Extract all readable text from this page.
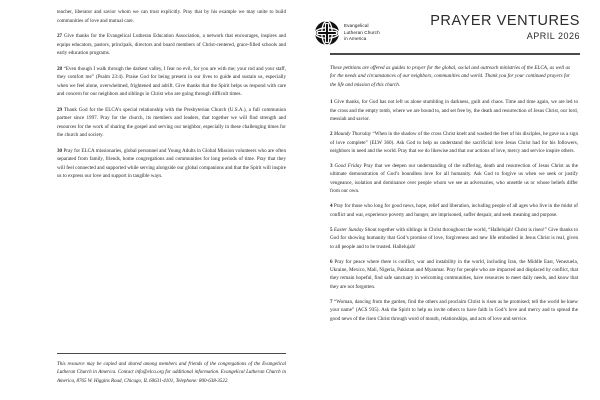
teacher, liberator and savior whom we can trust explicitly. Pray that by his example we may unite to build communities of love and mutual care.
27 Give thanks for the Evangelical Lutheran Education Association, a network that encourages, inspires and equips educators, pastors, principals, directors and board members of Christ-centered, grace-filled schools and early education programs.
28 “Even though I walk through the darkest valley, I fear no evil, for you are with me; your rod and your staff, they comfort me” (Psalm 23:4). Praise God for being present in our lives to guide and sustain us, especially when we feel alone, overwhelmed, frightened and adrift. Give thanks that the Spirit helps us respond with care and concern for our neighbors and siblings in Christ who are going through difficult times.
29 Thank God for the ELCA’s special relationship with the Presbyterian Church (U.S.A.), a full communion partner since 1997. Pray for the church, its members and leaders, that together we will find strength and resources for the work of sharing the gospel and serving our neighbor, especially in these challenging times for the church and society.
30 Pray for ELCA missionaries, global personnel and Young Adults in Global Mission volunteers who are often separated from family, friends, home congregations and communities for long periods of time. Pray that they will feel connected and supported while serving alongside our global companions and that the Spirit will inspire us to express our love and support in tangible ways.
This resource may be copied and shared among members and friends of the congregations of the Evangelical Lutheran Church in America. Contact info@elca.org for additional information. Evangelical Lutheran Church in America, 8765 W. Higgins Road, Chicago, IL 60631-4101, Telephone: 800-638-3522.
Evangelical
Lutheran Church
in America
PRAYER VENTURES
APRIL 2026
These petitions are offered as guides to prayer for the global, social and outreach ministries of the ELCA, as well as for the needs and circumstances of our neighbors, communities and world. Thank you for your continued prayers for the life and mission of this church.
1 Give thanks, for God has not left us alone stumbling in darkness, guilt and chaos. Time and time again, we are led to the cross and the empty tomb, where we are bound to, and set free by, the death and resurrection of Jesus Christ, our lord, messiah and savior.
2 Maundy Thursday “When in the shadow of the cross Christ knelt and washed the feet of his disciples, he gave us a sign of love complete” (ELW 360). Ask God to help us understand the sacrificial love Jesus Christ had for his followers, neighbors in need and the world. Pray that we do likewise and that our actions of love, mercy and service inspire others.
3 Good Friday Pray that we deepen our understanding of the suffering, death and resurrection of Jesus Christ as the ultimate demonstration of God’s boundless love for all humanity. Ask God to forgive us when we seek or justify vengeance, isolation and dominance over people whom we see as adversaries, who unsettle us or whose beliefs differ from our own.
4 Pray for those who long for good news, hope, relief and liberation, including people of all ages who live in the midst of conflict and war, experience poverty and hunger, are imprisoned, suffer despair, and seek meaning and purpose.
5 Easter Sunday Shout together with siblings in Christ throughout the world, “Hallelujah! Christ is risen!” Give thanks to God for showing humanity that God’s promise of love, forgiveness and new life embodied in Jesus Christ is real, given to all people and to be trusted. Hallelujah!
6 Pray for peace where there is conflict, war and instability in the world, including Iran, the Middle East, Venezuela, Ukraine, Mexico, Mali, Nigeria, Pakistan and Myanmar. Pray for people who are impacted and displaced by conflict, that they remain hopeful, find safe sanctuary in welcoming communities, have resources to meet daily needs, and know that they are not forgotten.
7 “Woman, dancing from the garden, find the others and proclaim Christ is risen as he promised; tell the world he knew your name” (ACS 935). Ask the Spirit to help us invite others to have faith in God’s love and mercy and to spread the good news of the risen Christ through word of mouth, relationships, and acts of love and service.
